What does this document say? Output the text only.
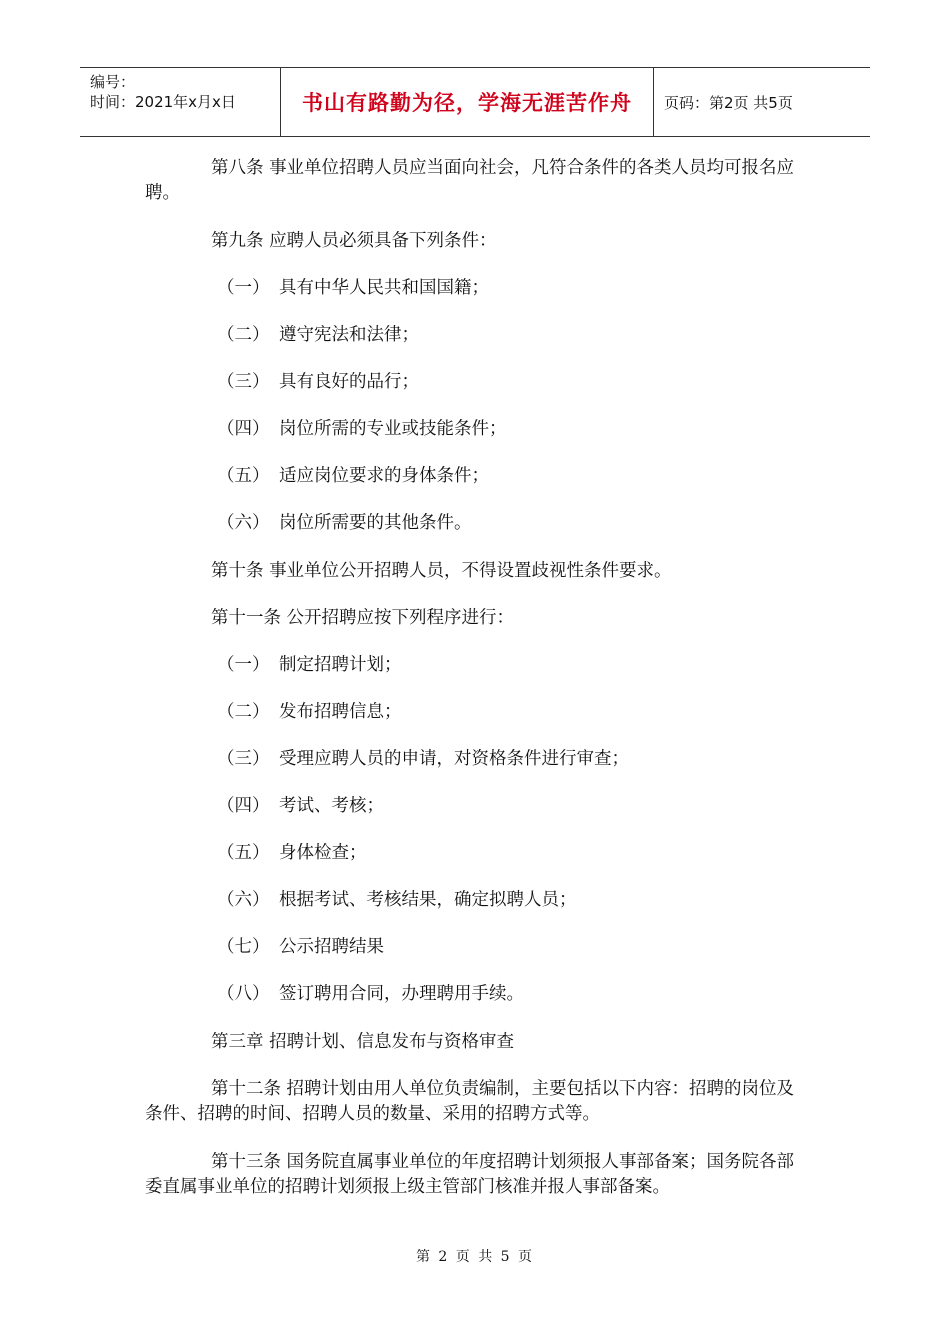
编号：
时间：2021年x月x日	书山有路勤为径，学海无涯苦作舟	页码：第2页 共5页
第八条 事业单位招聘人员应当面向社会，凡符合条件的各类人员均可报名应聘。
第九条 应聘人员必须具备下列条件：
（一） 具有中华人民共和国国籍；
（二） 遵守宪法和法律；
（三） 具有良好的品行；
（四） 岗位所需的专业或技能条件；
（五） 适应岗位要求的身体条件；
（六） 岗位所需要的其他条件。
第十条 事业单位公开招聘人员，不得设置歧视性条件要求。
第十一条 公开招聘应按下列程序进行：
（一） 制定招聘计划；
（二） 发布招聘信息；
（三） 受理应聘人员的申请，对资格条件进行审查；
（四） 考试、考核；
（五） 身体检查；
（六） 根据考试、考核结果，确定拟聘人员；
（七） 公示招聘结果
（八） 签订聘用合同，办理聘用手续。
第三章 招聘计划、信息发布与资格审查
第十二条 招聘计划由用人单位负责编制，主要包括以下内容：招聘的岗位及条件、招聘的时间、招聘人员的数量、采用的招聘方式等。
第十三条 国务院直属事业单位的年度招聘计划须报人事部备案；国务院各部委直属事业单位的招聘计划须报上级主管部门核准并报人事部备案。
第 2 页 共 5 页
